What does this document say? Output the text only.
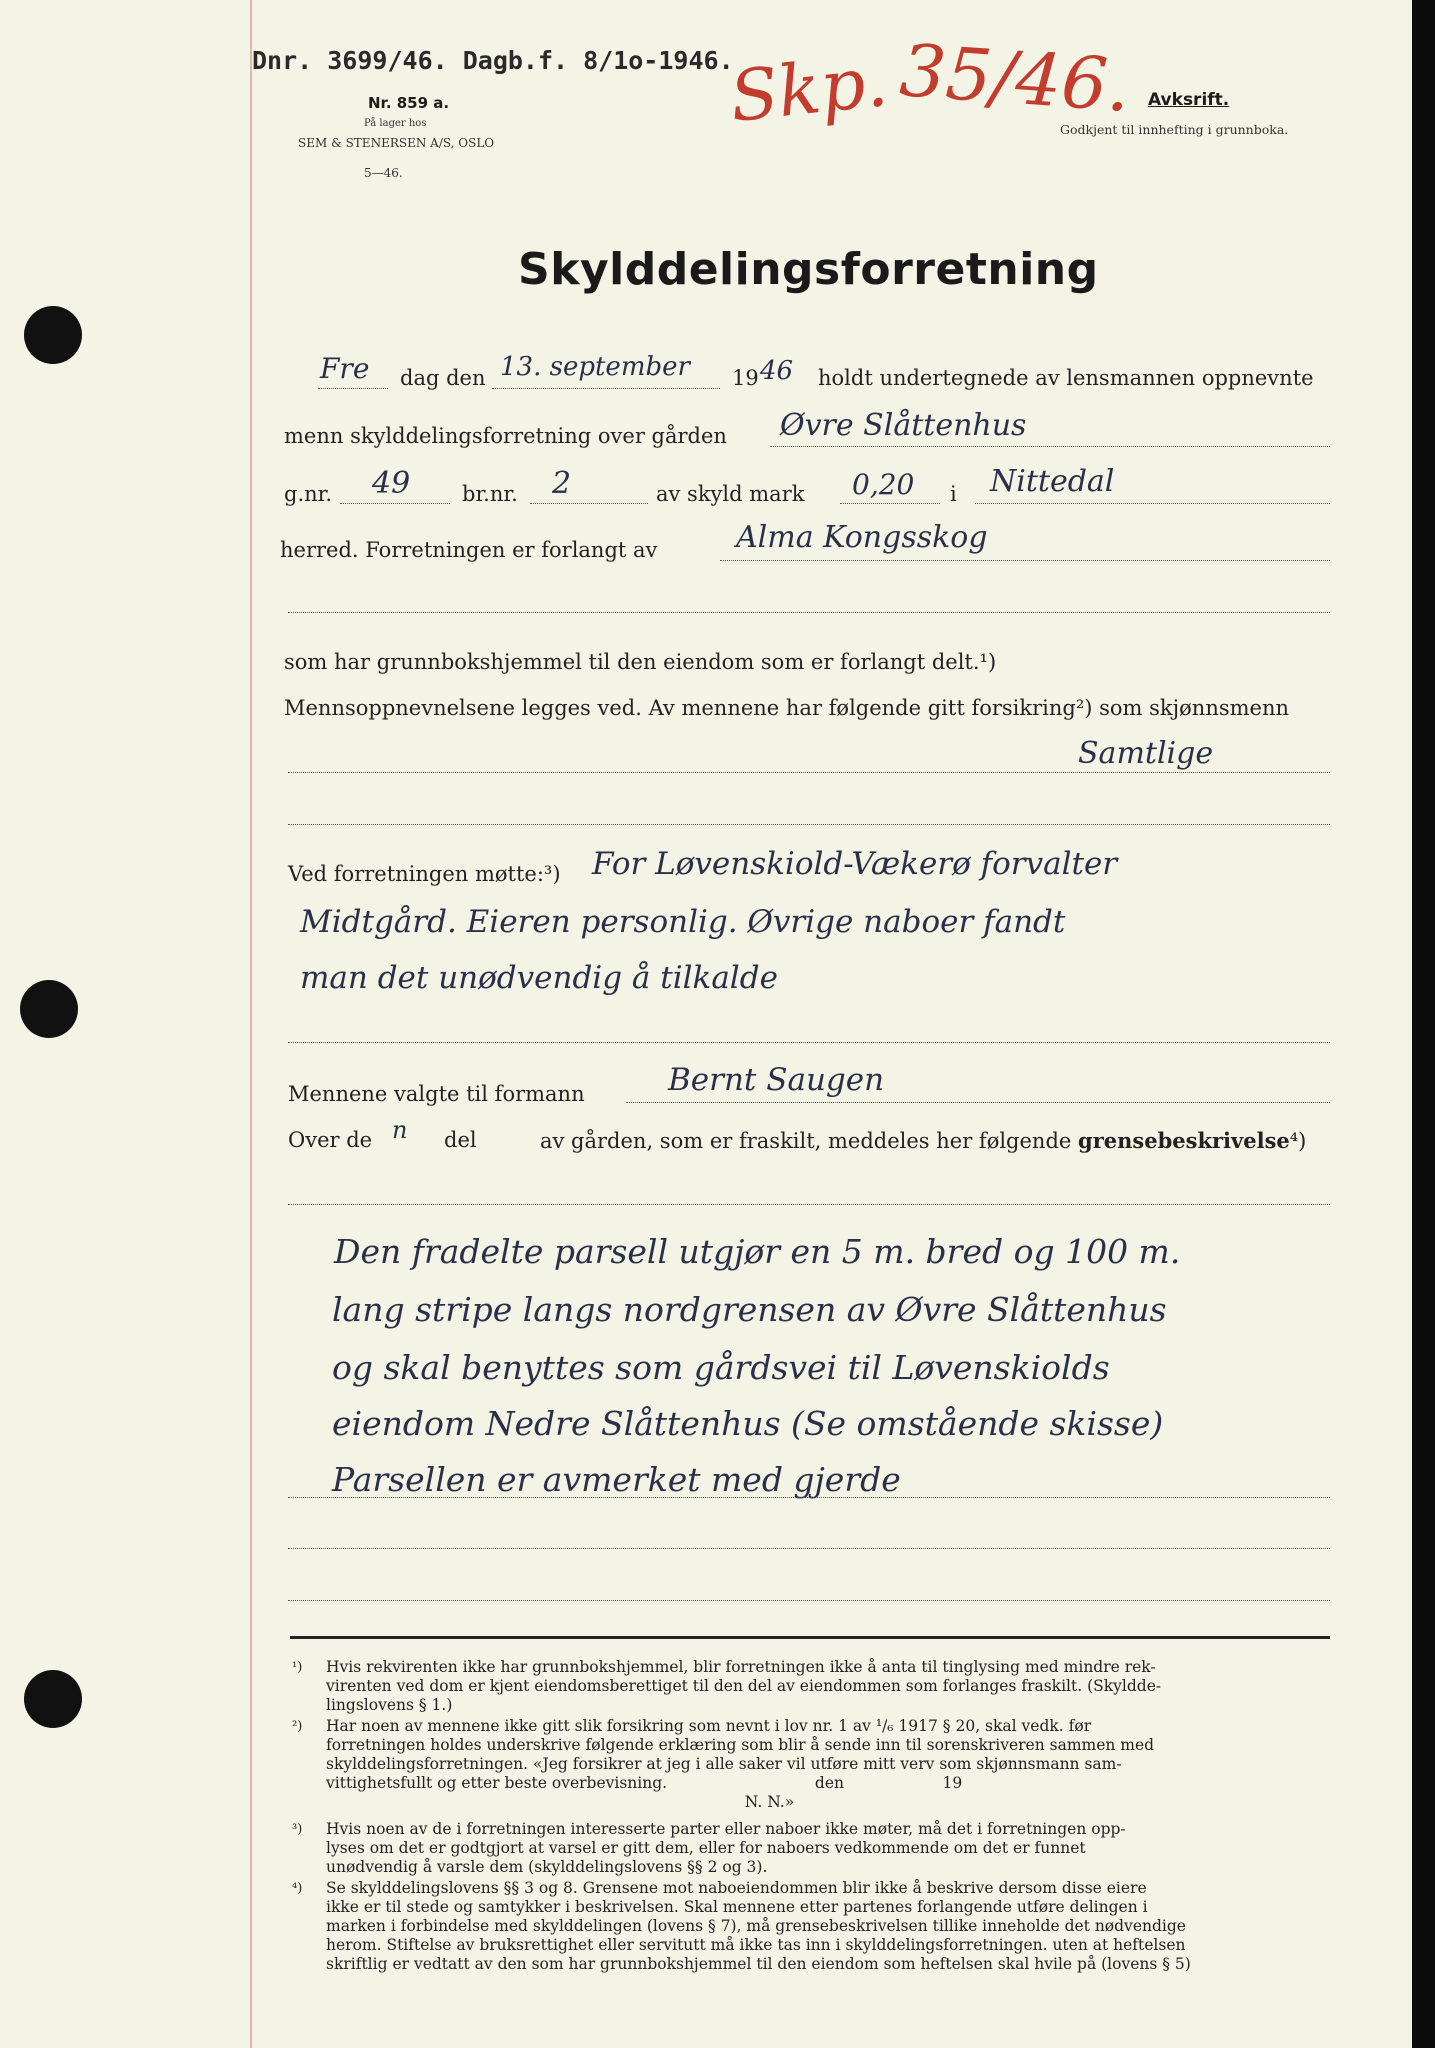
Dnr. 3699/46. Dagb.f. 8/1o-1946.
Nr. 859 a.
På lager hos
SEM & STENERSEN A/S, OSLO
5—46.
Skp. 35/46. Avksrift.
Godkjent til innhefting i grunnboka.
Skylddelingsforretning
Fre dag den 13. september 19 46 holdt undertegnede av lensmannen oppnevnte
menn skylddelingsforretning over gården Øvre Slåttenhus
g.nr. 49 br.nr. 2	av skyld mark 0,20 i Nittedal
herred. Forretningen er forlangt av	Alma Kongsskog
som har grunnbokshjemmel til den eiendom som er forlangt delt.¹)
Mennsoppnevnelsene legges ved. Av mennene har følgende gitt forsikring²) som skjønnsmenn
Samtlige
Ved forretningen møtte:³) For Løvenskiold-Vækerø forvalter
Midtgård. Eieren personlig. Øvrige naboer fandt
man det unødvendig å tilkalde
Mennene valgte til formann	Bernt Saugen
Over de n del	av gården, som er fraskilt, meddeles her følgende grensebeskrivelse⁴)
Den fradelte parsell utgjør en 5 m. bred og 100 m.
lang stripe langs nordgrensen av Øvre Slåttenhus
og skal benyttes som gårdsvei til Løvenskiolds
eiendom Nedre Slåttenhus (Se omstående skisse)
Parsellen er avmerket med gjerde
¹) Hvis rekvirenten ikke har grunnbokshjemmel, blir forretningen ikke å anta til tinglysing med mindre rek-
virenten ved dom er kjent eiendomsberettiget til den del av eiendommen som forlanges fraskilt. (Skyldde-
lingslovens § 1.)
²) Har noen av mennene ikke gitt slik forsikring som nevnt i lov nr. 1 av ¹/₆ 1917 § 20, skal vedk. før
forretningen holdes underskrive følgende erklæring som blir å sende inn til sorenskriveren sammen med
skylddelingsforretningen. «Jeg forsikrer at jeg i alle saker vil utføre mitt verv som skjønnsmann sam-
vittighetsfullt og etter beste overbevisning.                              den                    19
N. N.»
³) Hvis noen av de i forretningen interesserte parter eller naboer ikke møter, må det i forretningen opp-
lyses om det er godtgjort at varsel er gitt dem, eller for naboers vedkommende om det er funnet
unødvendig å varsle dem (skylddelingslovens §§ 2 og 3).
⁴) Se skylddelingslovens §§ 3 og 8. Grensene mot naboeiendommen blir ikke å beskrive dersom disse eiere
ikke er til stede og samtykker i beskrivelsen. Skal mennene etter partenes forlangende utføre delingen i
marken i forbindelse med skylddelingen (lovens § 7), må grensebeskrivelsen tillike inneholde det nødvendige
herom. Stiftelse av bruksrettighet eller servitutt må ikke tas inn i skylddelingsforretningen. uten at heftelsen
skriftlig er vedtatt av den som har grunnbokshjemmel til den eiendom som heftelsen skal hvile på (lovens § 5)
